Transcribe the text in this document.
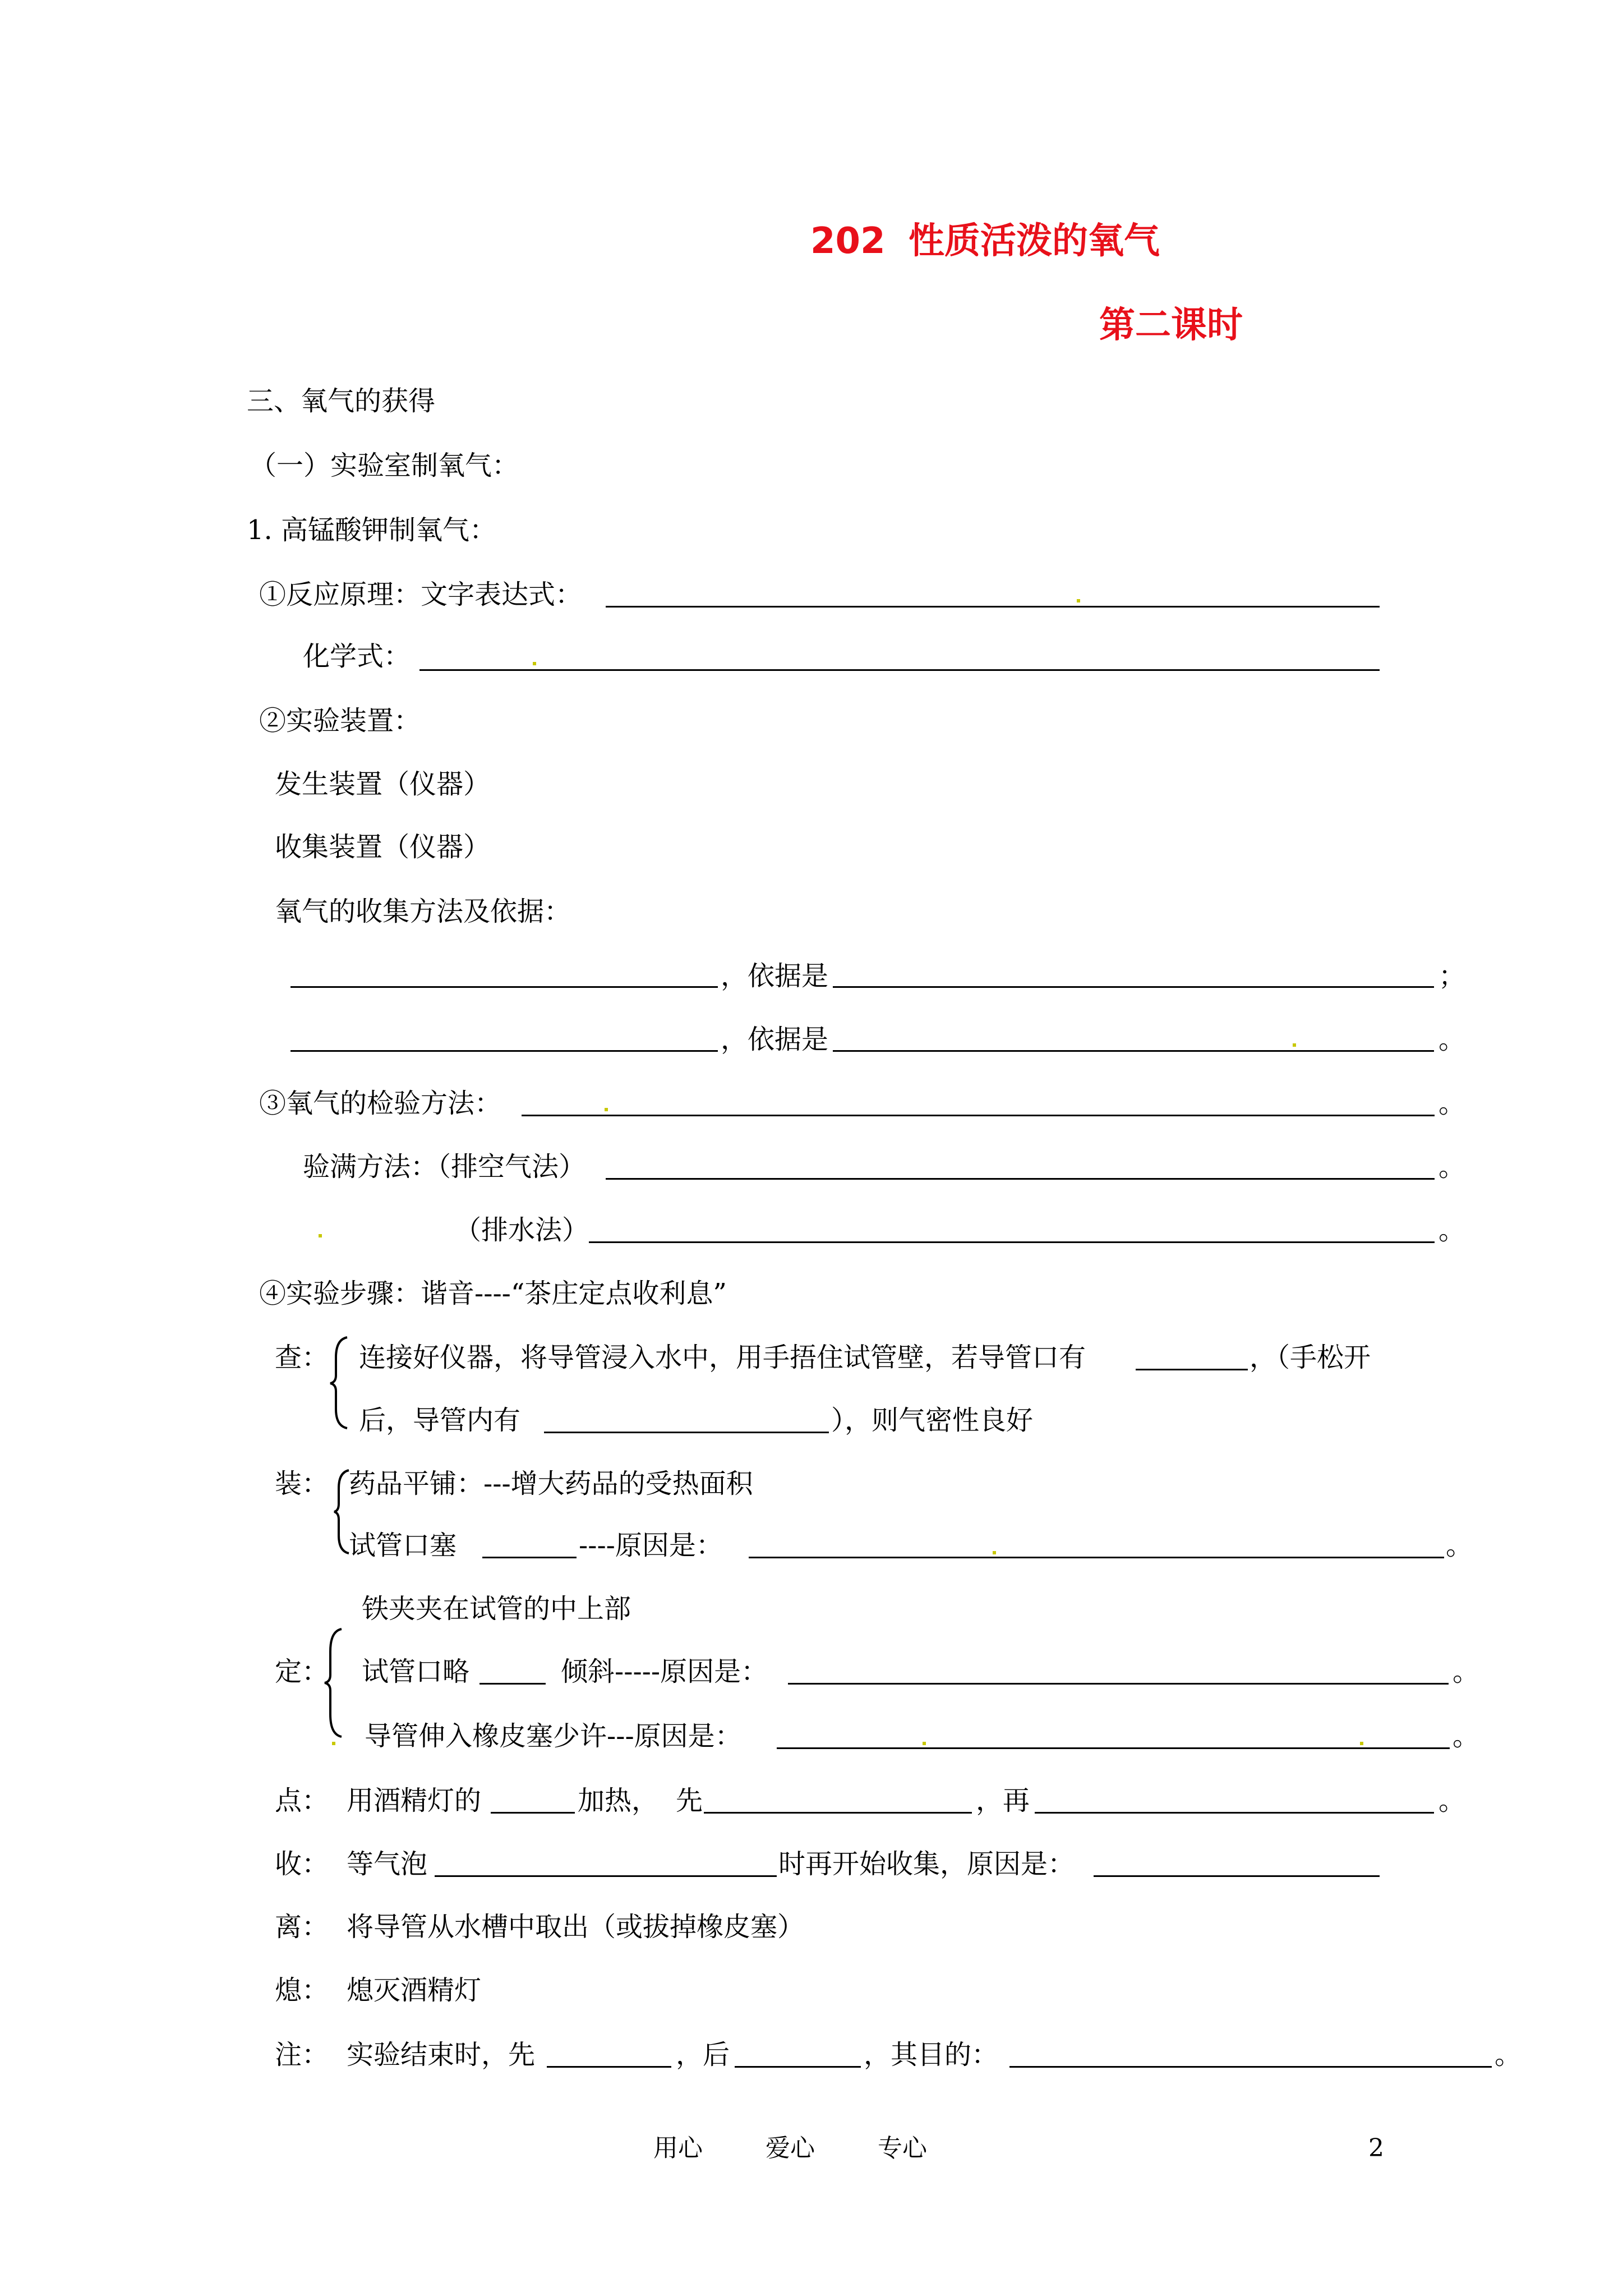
202 性质活泼的氧气
第二课时
三、氧气的获得
（一）实验室制氧气：
1. 高锰酸钾制氧气：
①反应原理：文字表达式：
化学式：
②实验装置：
发生装置（仪器）
收集装置（仪器）
氧气的收集方法及依据：
，依据是	；
，依据是	。
③氧气的检验方法：	。
验满方法：（排空气法）	。
（排水法）	。
④实验步骤：谐音----“茶庄定点收利息”
查： 连接好仪器，将导管浸入水中，用手捂住试管壁，若导管口有	，（手松开
后，导管内有	），则气密性良好
装： 药品平铺：---增大药品的受热面积
试管口塞	----原因是：	。
定：
铁夹夹在试管的中上部
试管口略	倾斜-----原因是：	。
导管伸入橡皮塞少许---原因是：	。
点： 用酒精灯的	加热， 先	，再	。
收： 等气泡	时再开始收集，原因是：
离： 将导管从水槽中取出（或拔掉橡皮塞）
熄： 熄灭酒精灯
注： 实验结束时，先	，后	，其目的：	。
用心	爱心	专心	2
